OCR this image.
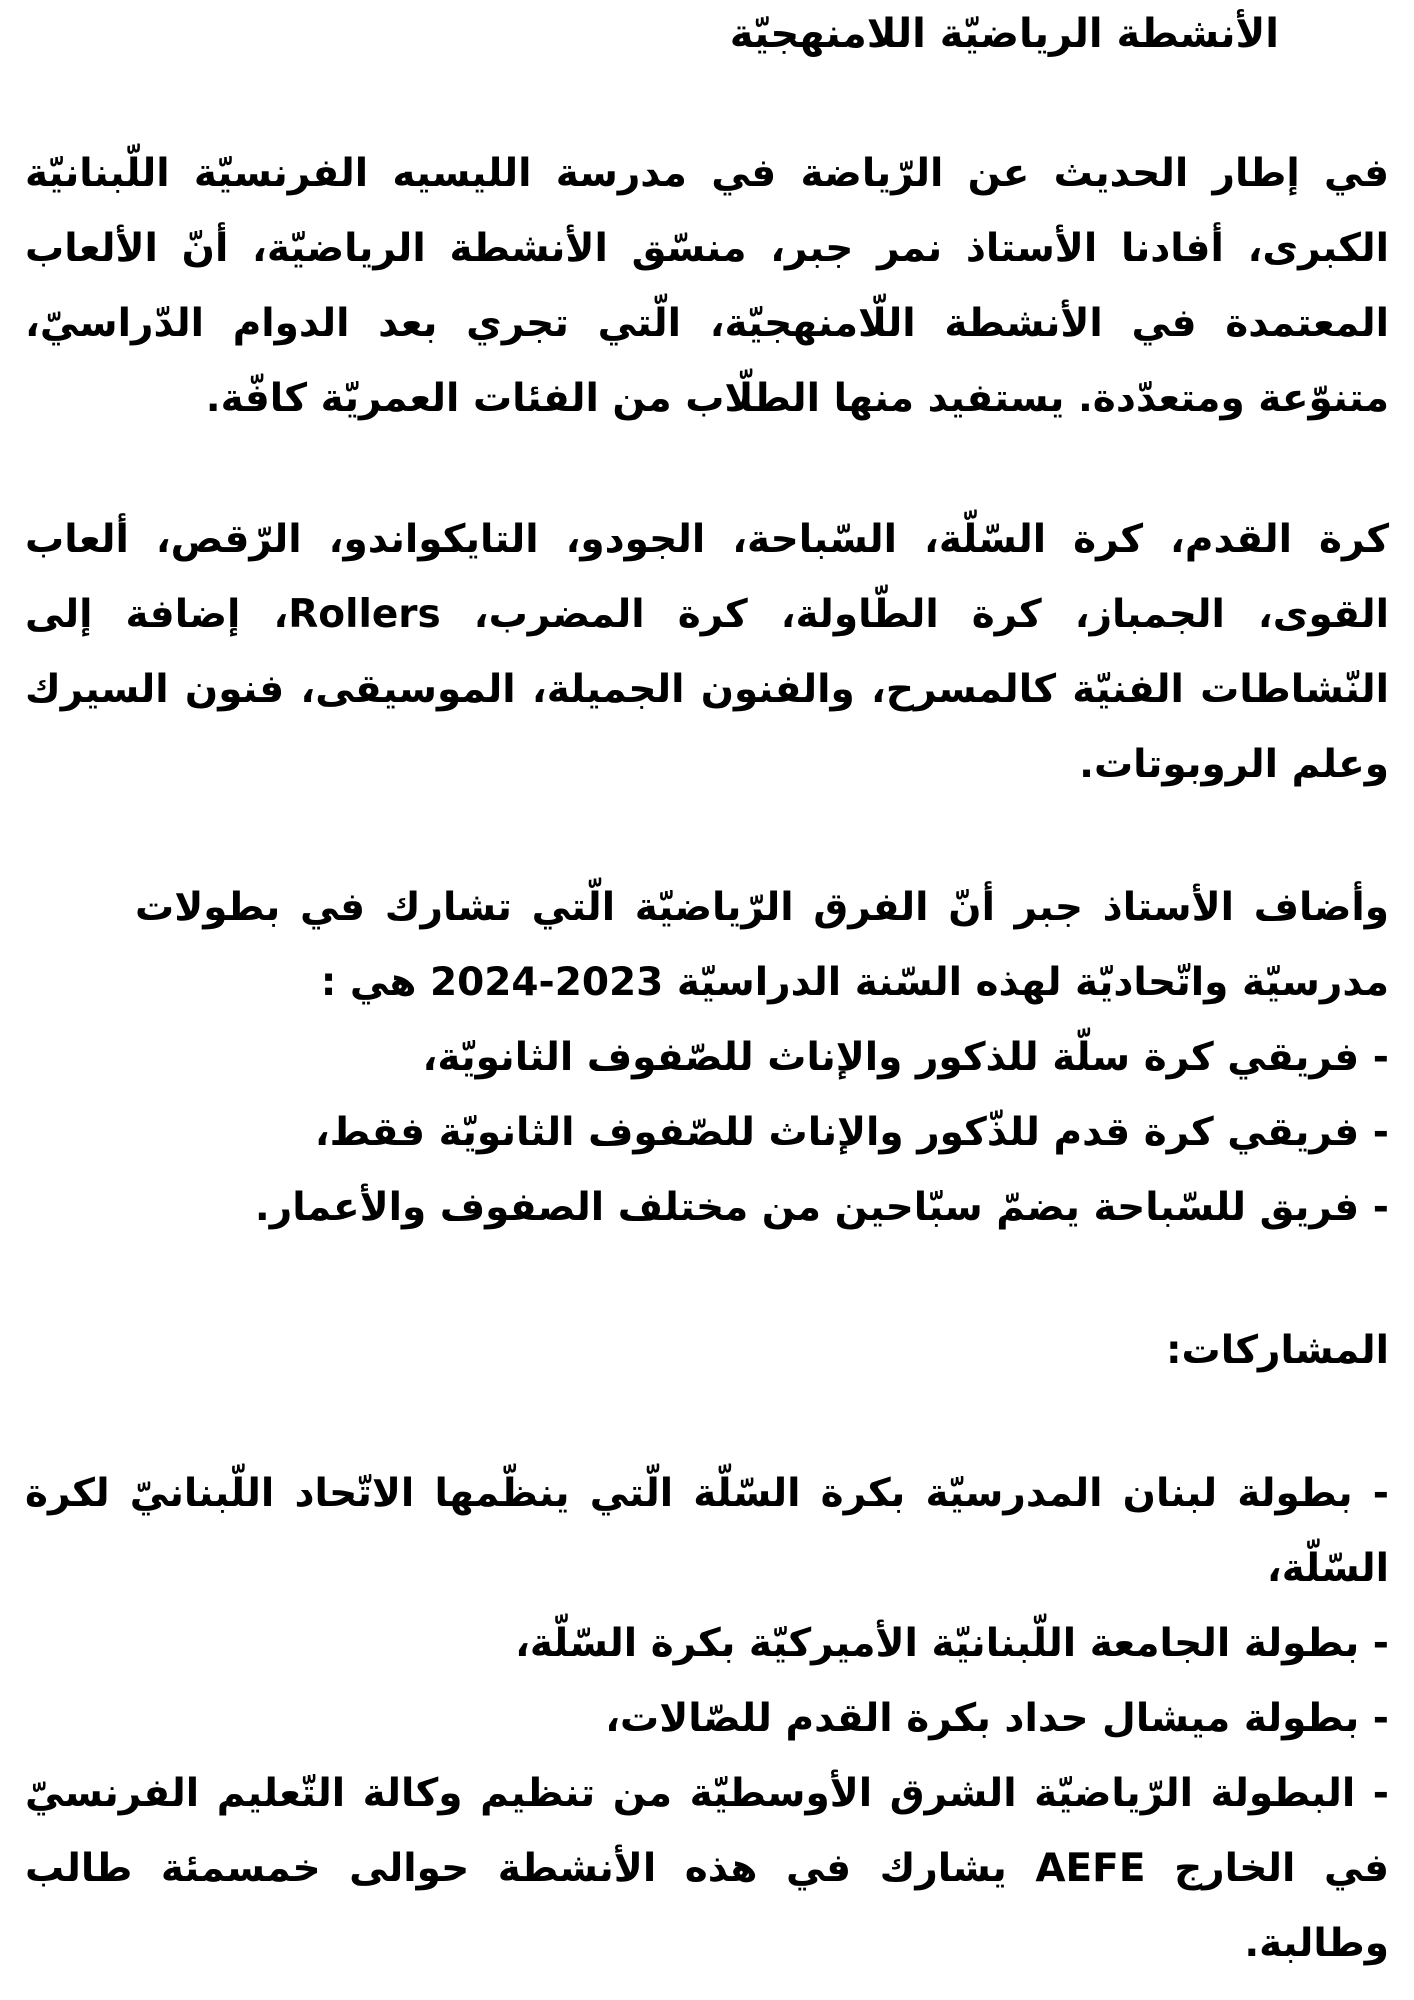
الأنشطة الرياضيّة اللامنهجيّة

في إطار الحديث عن الرّياضة في مدرسة الليسيه الفرنسيّة اللّبنانيّة الكبرى، أفادنا الأستاذ نمر جبر، منسّق الأنشطة الرياضيّة، أنّ الألعاب المعتمدة في الأنشطة اللّامنهجيّة، الّتي تجري بعد الدوام الدّراسيّ، متنوّعة ومتعدّدة. يستفيد منها الطلّاب من الفئات العمريّة كافّة.

كرة القدم، كرة السّلّة، السّباحة، الجودو، التايكواندو، الرّقص، ألعاب القوى، الجمباز، كرة الطّاولة، كرة المضرب، Rollers، إضافة إلى النّشاطات الفنيّة كالمسرح، والفنون الجميلة، الموسيقى، فنون السيرك وعلم الروبوتات.

وأضاف الأستاذ جبر أنّ الفرق الرّياضيّة الّتي تشارك في بطولات مدرسيّة واتّحاديّة لهذه السّنة الدراسيّة 2023-2024 هي :

- فريقي كرة سلّة للذكور والإناث للصّفوف الثانويّة،
- فريقي كرة قدم للذّكور والإناث للصّفوف الثانويّة فقط،
- فريق للسّباحة يضمّ سبّاحين من مختلف الصفوف والأعمار.

المشاركات:

- بطولة لبنان المدرسيّة بكرة السّلّة الّتي ينظّمها الاتّحاد اللّبنانيّ لكرة السّلّة،
- بطولة الجامعة اللّبنانيّة الأميركيّة بكرة السّلّة،
- بطولة ميشال حداد بكرة القدم للصّالات،
- البطولة الرّياضيّة الشرق الأوسطيّة من تنظيم وكالة التّعليم الفرنسيّ في الخارج AEFE يشارك في هذه الأنشطة حوالى خمسمئة طالب وطالبة.
